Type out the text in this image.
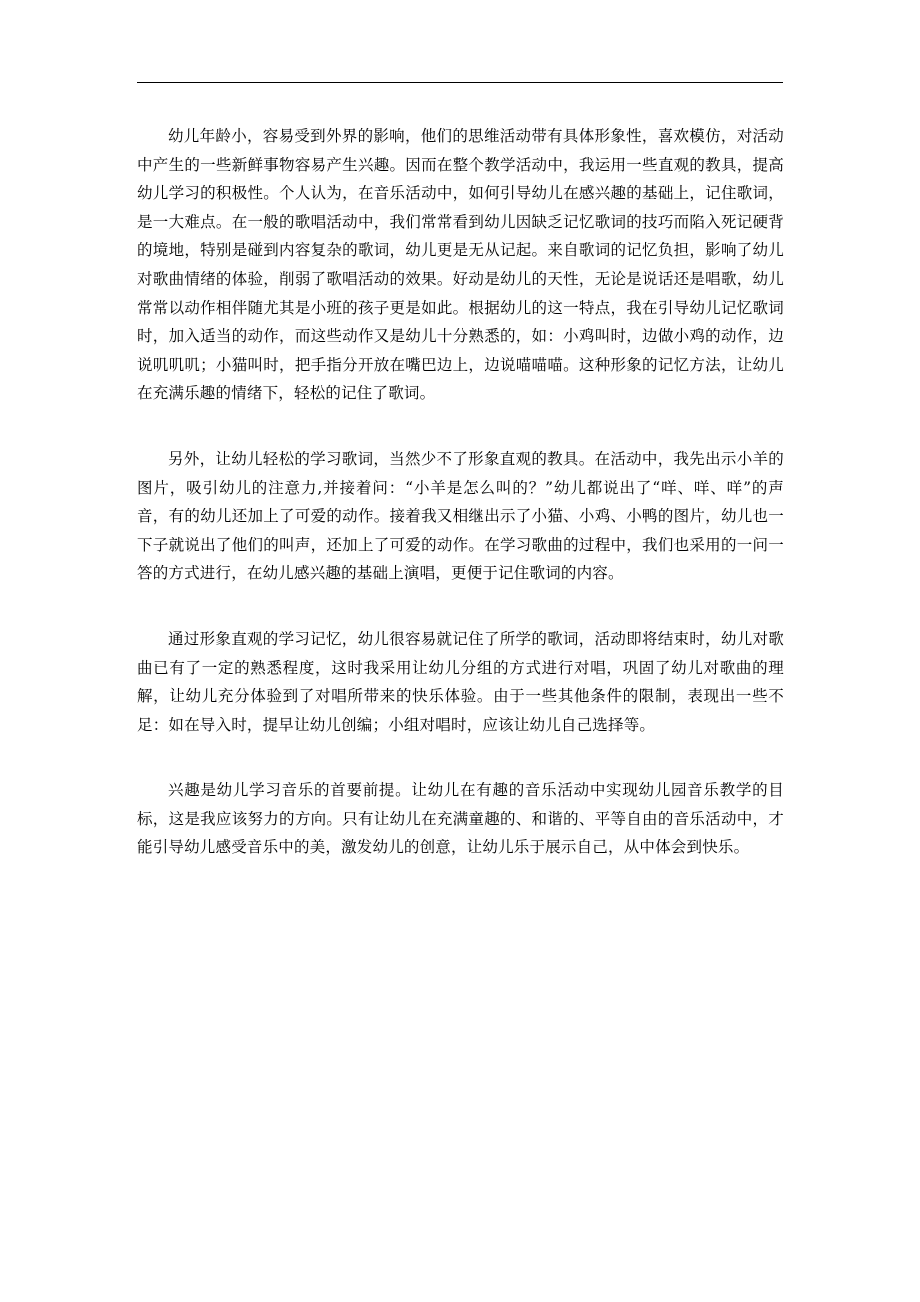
幼儿年龄小，容易受到外界的影响，他们的思维活动带有具体形象性，喜欢模仿，对活动中产生的一些新鲜事物容易产生兴趣。因而在整个教学活动中，我运用一些直观的教具，提高幼儿学习的积极性。个人认为，在音乐活动中，如何引导幼儿在感兴趣的基础上，记住歌词，是一大难点。在一般的歌唱活动中，我们常常看到幼儿因缺乏记忆歌词的技巧而陷入死记硬背的境地，特别是碰到内容复杂的歌词，幼儿更是无从记起。来自歌词的记忆负担，影响了幼儿对歌曲情绪的体验，削弱了歌唱活动的效果。好动是幼儿的天性，无论是说话还是唱歌，幼儿常常以动作相伴随尤其是小班的孩子更是如此。根据幼儿的这一特点，我在引导幼儿记忆歌词时，加入适当的动作，而这些动作又是幼儿十分熟悉的，如：小鸡叫时，边做小鸡的动作，边说叽叽叽；小猫叫时，把手指分开放在嘴巴边上，边说喵喵喵。这种形象的记忆方法，让幼儿在充满乐趣的情绪下，轻松的记住了歌词。

另外，让幼儿轻松的学习歌词，当然少不了形象直观的教具。在活动中，我先出示小羊的图片，吸引幼儿的注意力,并接着问：“小羊是怎么叫的？”幼儿都说出了“咩、咩、咩”的声音，有的幼儿还加上了可爱的动作。接着我又相继出示了小猫、小鸡、小鸭的图片，幼儿也一下子就说出了他们的叫声，还加上了可爱的动作。在学习歌曲的过程中，我们也采用的一问一答的方式进行，在幼儿感兴趣的基础上演唱，更便于记住歌词的内容。

通过形象直观的学习记忆，幼儿很容易就记住了所学的歌词，活动即将结束时，幼儿对歌曲已有了一定的熟悉程度，这时我采用让幼儿分组的方式进行对唱，巩固了幼儿对歌曲的理解，让幼儿充分体验到了对唱所带来的快乐体验。由于一些其他条件的限制，表现出一些不足：如在导入时，提早让幼儿创编；小组对唱时，应该让幼儿自己选择等。

兴趣是幼儿学习音乐的首要前提。让幼儿在有趣的音乐活动中实现幼儿园音乐教学的目标，这是我应该努力的方向。只有让幼儿在充满童趣的、和谐的、平等自由的音乐活动中，才能引导幼儿感受音乐中的美，激发幼儿的创意，让幼儿乐于展示自己，从中体会到快乐。
